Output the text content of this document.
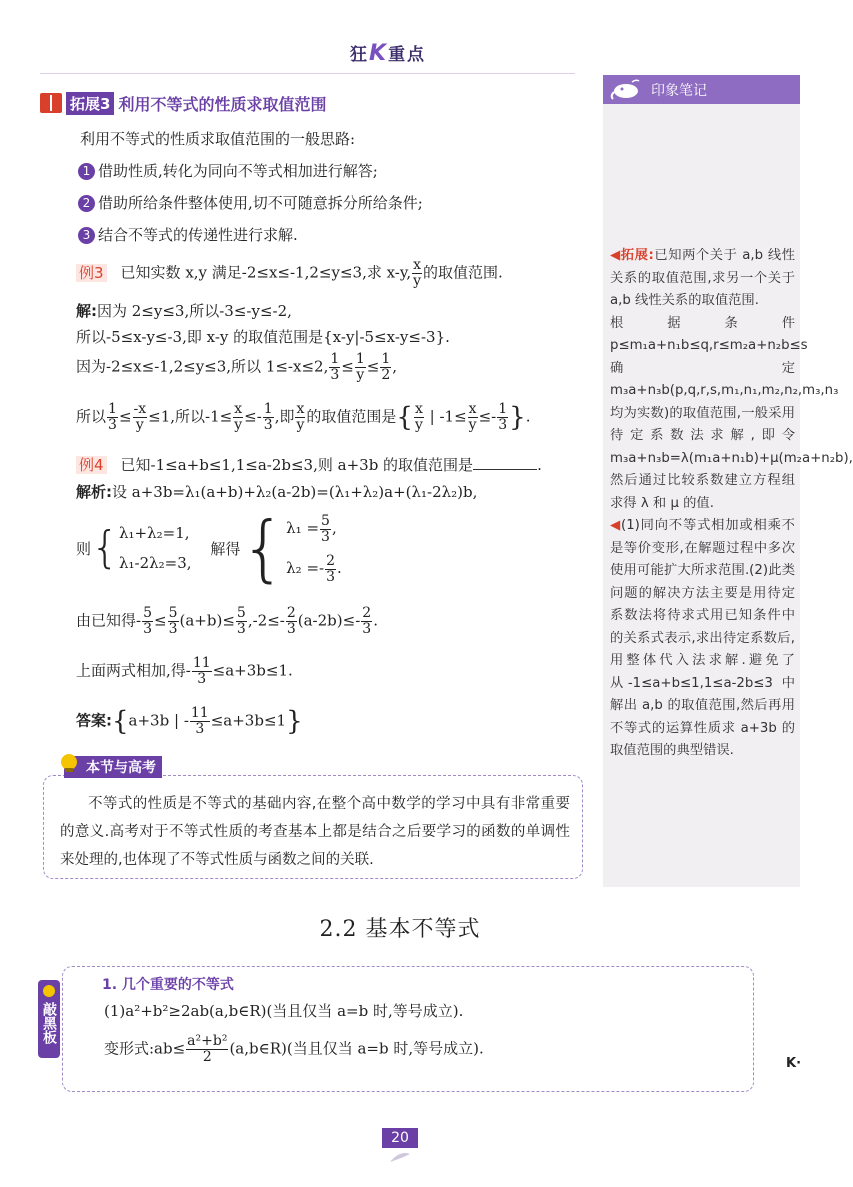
狂K重点
拓展3 利用不等式的性质求取值范围
利用不等式的性质求取值范围的一般思路:
1 借助性质,转化为同向不等式相加进行解答;
2 借助所给条件整体使用,切不可随意拆分所给条件;
3 结合不等式的传递性进行求解.
例3 已知实数 x,y 满足-2≤x≤-1,2≤y≤3,求 x-y, $\frac{x}{y}$ 的取值范围.
解:因为 2≤y≤3,所以-3≤-y≤-2,
所以-5≤x-y≤-3,即 x-y 的取值范围是{x-y|-5≤x-y≤-3}.
因为-2≤x≤-1,2≤y≤3,所以 1≤-x≤2, $\frac{1}{3} \le \frac{1}{y} \le \frac{1}{2}$ ,
所以 $\frac{1}{3} \le \frac{-x}{y} \le 1$,所以$-1\le \frac{x}{y} \le- \frac{1}{3}$ ,即 $\frac{x}{y}$ 的取值范围是{ $\frac{x}{y}$ | $-1\le \frac{x}{y} \le- \frac{1}{3}$ }.
例4 已知-1≤a+b≤1,1≤a-2b≤3,则 a+3b 的取值范围是	.
解析:设 a+3b=λ₁(a+b)+λ₂(a-2b)=(λ₁+λ₂)a+(λ₁-2λ₂)b,
则{λ₁+λ₂=1,
λ₁-2λ₂=3, 解得{$\lambda_1 = \frac{5}{3}$ ,
$\lambda_2 =- \frac{2}{3}$ .
由已知得- $\frac{5}{3} \le \frac{5}{3} (a+b)\le \frac{5}{3} ,-2\le- \frac{2}{3} (a-2b)\le- \frac{2}{3}$ .
上面两式相加,得- $\frac{11}{3} \le a+3b\le 1$.
答案:{a+3b | - $\frac{11}{3} \le a+3b\le 1$}
印象笔记
◀拓展:已知两个关于 a,b 线性关系的取值范围,求另一个关于 a,b 线性关系的取值范围.
根据条件 p≤m₁a+n₁b≤q,r≤m₂a+n₂b≤s 确定 m₃a+n₃b(p,q,r,s,m₁,n₁,m₂,n₂,m₃,n₃ 均为实数)的取值范围,一般采用待定系数法求解,即令 m₃a+n₃b=λ(m₁a+n₁b)+μ(m₂a+n₂b),然后通过比较系数建立方程组求得 λ 和 μ 的值.
◀(1)同向不等式相加或相乘不是等价变形,在解题过程中多次使用可能扩大所求范围.(2)此类问题的解决方法主要是用待定系数法将待求式用已知条件中的关系式表示,求出待定系数后,用整体代入法求解.避免了从-1≤a+b≤1,1≤a-2b≤3 中解出 a,b 的取值范围,然后再用不等式的运算性质求 a+3b 的取值范围的典型错误.
本节与高考
不等式的性质是不等式的基础内容,在整个高中数学的学习中具有非常重要的意义.高考对于不等式性质的考查基本上都是结合之后要学习的函数的单调性来处理的,也体现了不等式性质与函数之间的关联.
2.2 基本不等式
敲黑板
1. 几个重要的不等式
(1)a²+b²≥2ab(a,b∈R)(当且仅当 a=b 时,等号成立).
变形式:ab≤ $\frac{\text{a²+b²}}{2}$ (a,b∈R)(当且仅当 a=b 时,等号成立).
K·
20
